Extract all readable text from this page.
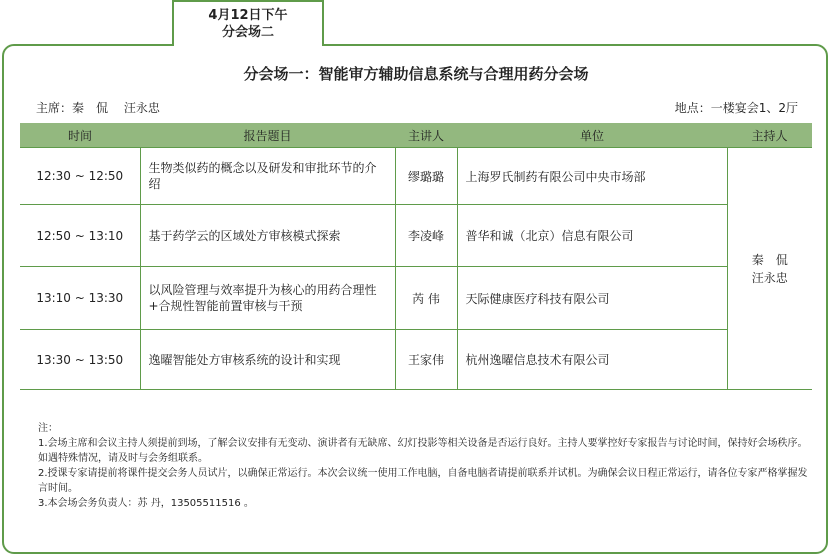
4月12日下午
分会场二
分会场一：智能审方辅助信息系统与合理用药分会场
主席：秦　侃　 汪永忠	地点：一楼宴会1、2厅
时间	报告题目	主讲人	单位	主持人
12:30 ~ 12:50	生物类似药的概念以及研发和审批环节的介绍	缪璐璐	上海罗氏制药有限公司中央市场部	秦　侃
汪永忠

12:50 ~ 13:10	基于药学云的区域处方审核模式探索	李凌峰	普华和诚（北京）信息有限公司	
13:10 ~ 13:30	以风险管理与效率提升为核心的用药合理性+合规性智能前置审核与干预	芮 伟	天际健康医疗科技有限公司	
13:30 ~ 13:50	逸曜智能处方审核系统的设计和实现	王家伟	杭州逸曜信息技术有限公司	
注：
1.会场主席和会议主持人须提前到场，了解会议安排有无变动、演讲者有无缺席、幻灯投影等相关设备是否运行良好。主持人要掌控好专家报告与讨论时间，保持好会场秩序。如遇特殊情况，请及时与会务组联系。
2.授课专家请提前将课件提交会务人员试片，以确保正常运行。本次会议统一使用工作电脑，自备电脑者请提前联系并试机。为确保会议日程正常运行，请各位专家严格掌握发言时间。
3.本会场会务负责人：苏 丹，13505511516 。
